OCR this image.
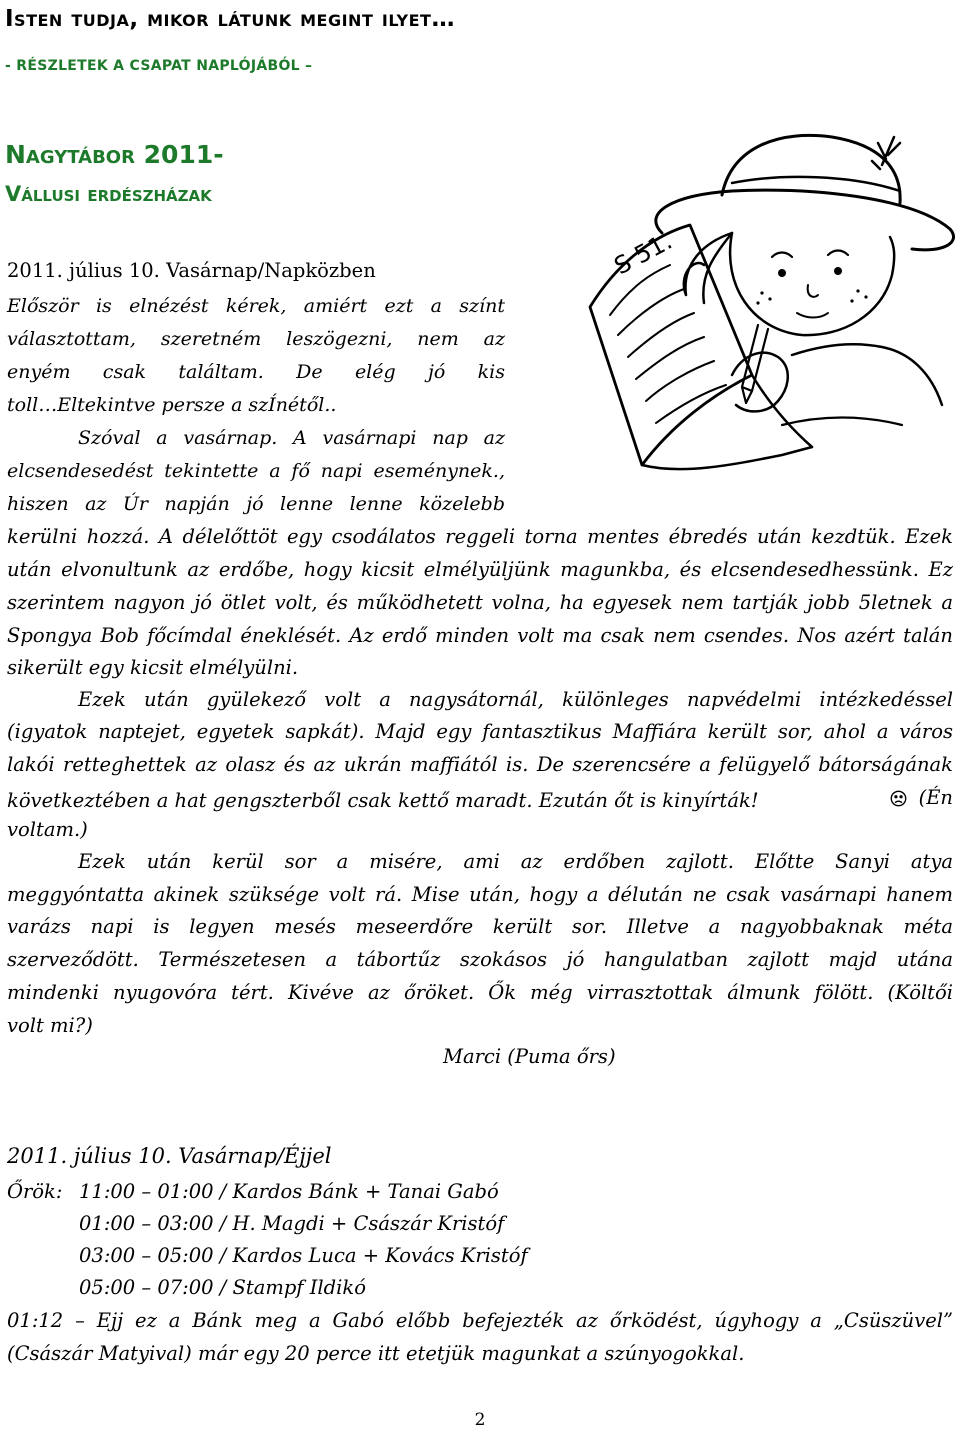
Isten tudja, mikor látunk megint ilyet…

- RÉSZLETEK A CSAPAT NAPLÓJÁBÓL –

Nagytábor 2011-

Vállusi erdészházak

S 51.

2011. július 10. Vasárnap/Napközben

Először is elnézést kérek, amiért ezt a színt

választottam, szeretném leszögezni, nem az

enyém csak találtam. De elég jó kis

toll…Eltekintve persze a szÍnétől..

Szóval a vasárnap. A vasárnapi nap az

elcsendesedést tekintette a fő napi eseménynek.,

hiszen az Úr napján jó lenne lenne közelebb

kerülni hozzá. A délelőttöt egy csodálatos reggeli torna mentes ébredés után kezdtük. Ezek

után elvonultunk az erdőbe, hogy kicsit elmélyüljünk magunkba, és elcsendesedhessünk. Ez

szerintem nagyon jó ötlet volt, és működhetett volna, ha egyesek nem tartják jobb 5letnek a

Spongya Bob főcímdal éneklését. Az erdő minden volt ma csak nem csendes. Nos azért talán

sikerült egy kicsit elmélyülni.

Ezek után gyülekező volt a nagysátornál, különleges napvédelmi intézkedéssel

(igyatok naptejet, egyetek sapkát). Majd egy fantasztikus Maffiára került sor, ahol a város

lakói retteghettek az olasz és az ukrán maffiától is. De szerencsére a felügyelő bátorságának

következtében a hat gengszterből csak kettő maradt. Ezután őt is kinyírták!	(Én

voltam.)

Ezek után kerül sor a misére, ami az erdőben zajlott. Előtte Sanyi atya

meggyóntatta akinek szüksége volt rá. Mise után, hogy a délután ne csak vasárnapi hanem

varázs napi is legyen mesés meseerdőre került sor. Illetve a nagyobbaknak méta

szerveződött. Természetesen a tábortűz szokásos jó hangulatban zajlott majd utána

mindenki nyugovóra tért. Kivéve az őröket. Ők még virrasztottak álmunk fölött. (Költői

volt mi?)

Marci (Puma őrs)

2011. július 10. Vasárnap/Éjjel

Őrök: 11:00 – 01:00 / Kardos Bánk + Tanai Gabó

01:00 – 03:00 / H. Magdi + Császár Kristóf

03:00 – 05:00 / Kardos Luca + Kovács Kristóf

05:00 – 07:00 / Stampf Ildikó

01:12 – Ejj ez a Bánk meg a Gabó előbb befejezték az őrködést, úgyhogy a „Csüszüvel”

(Császár Matyival) már egy 20 perce itt etetjük magunkat a szúnyogokkal.

2
